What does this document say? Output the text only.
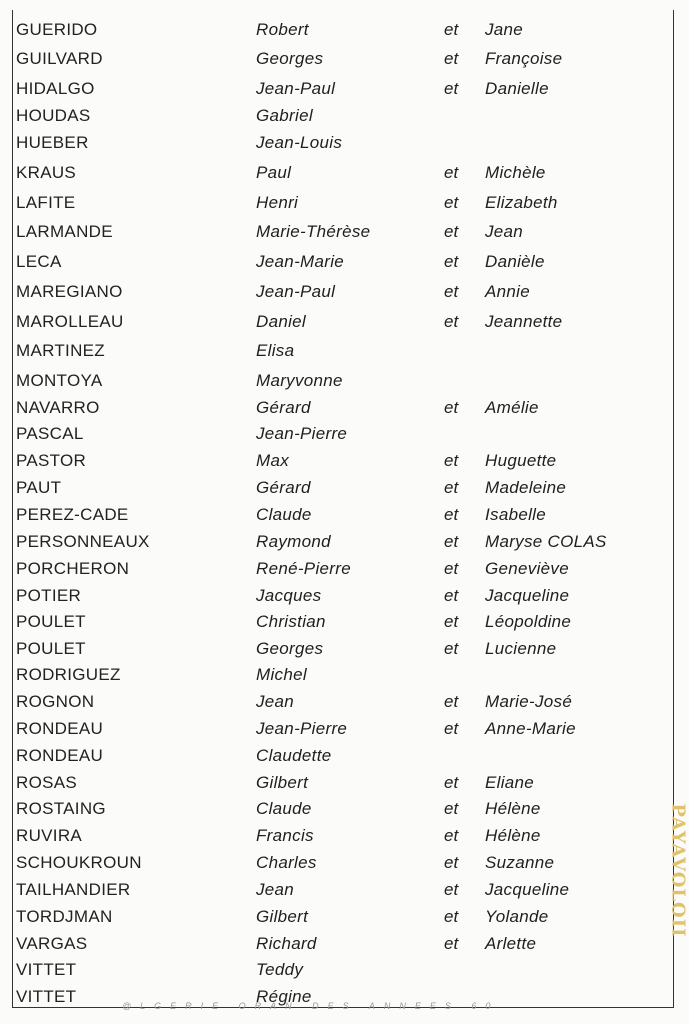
GUERIDO	Robert	et Jane
GUILVARD	Georges	et Françoise
HIDALGO	Jean-Paul	et Danielle
HOUDAS	Gabriel
HUEBER	Jean-Louis
KRAUS	Paul	et Michèle
LAFITE	Henri	et Elizabeth
LARMANDE	Marie-Thérèse	et Jean
LECA	Jean-Marie	et Danièle
MAREGIANO	Jean-Paul	et Annie
MAROLLEAU	Daniel	et Jeannette
MARTINEZ	Elisa
MONTOYA	Maryvonne
NAVARRO	Gérard	et Amélie
PASCAL	Jean-Pierre
PASTOR	Max	et Huguette
PAUT	Gérard	et Madeleine
PEREZ-CADE	Claude	et Isabelle
PERSONNEAUX	Raymond	et Maryse COLAS
PORCHERON	René-Pierre	et Geneviève
POTIER	Jacques	et Jacqueline
POULET	Christian	et Léopoldine
POULET	Georges	et Lucienne
RODRIGUEZ	Michel
ROGNON	Jean	et Marie-José
RONDEAU	Jean-Pierre	et Anne-Marie
RONDEAU	Claudette
ROSAS	Gilbert	et Eliane
ROSTAING	Claude	et Hélène
RUVIRA	Francis	et Hélène
SCHOUKROUN	Charles	et Suzanne
TAILHANDIER	Jean	et Jacqueline
TORDJMAN	Gilbert	et Yolande
VARGAS	Richard	et Arlette
VITTET	Teddy
VITTET	Régine
@LGERIE ORAN DES ANNEES 60
PAYAVOLOII
